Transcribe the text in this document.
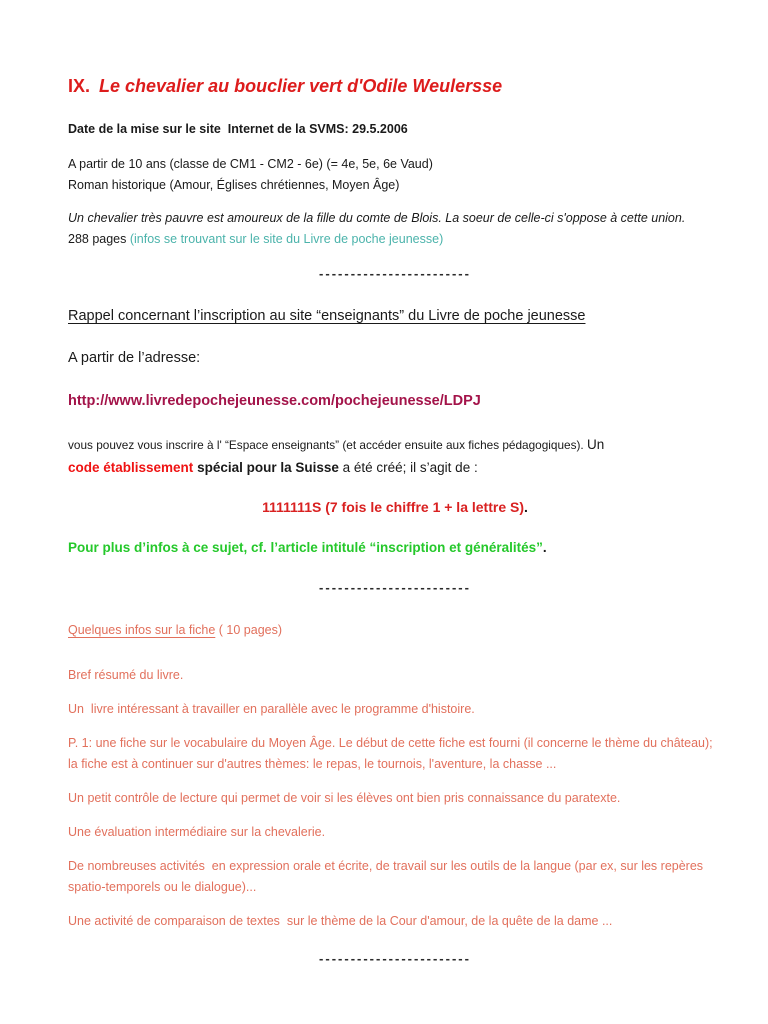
IX. Le chevalier au bouclier vert d'Odile Weulersse

Date de la mise sur le site  Internet de la SVMS: 29.5.2006

A partir de 10 ans (classe de CM1 - CM2 - 6e) (= 4e, 5e, 6e Vaud)

Roman historique (Amour, Églises chrétiennes, Moyen Âge)

Un chevalier très pauvre est amoureux de la fille du comte de Blois. La soeur de celle-ci s'oppose à cette union.
288 pages (infos se trouvant sur le site du Livre de poche jeunesse)

------------------------

Rappel concernant l’inscription au site “enseignants” du Livre de poche jeunesse

A partir de l’adresse:

http://www.livredepochejeunesse.com/pochejeunesse/LDPJ

vous pouvez vous inscrire à l' “Espace enseignants” (et accéder ensuite aux fiches pédagogiques). Un
code établissement spécial pour la Suisse a été créé; il s’agit de :

1111111S (7 fois le chiffre 1 + la lettre S).

Pour plus d’infos à ce sujet, cf. l’article intitulé “inscription et généralités”.

------------------------

Quelques infos sur la fiche ( 10 pages)

Bref résumé du livre.

Un  livre intéressant à travailler en parallèle avec le programme d'histoire.

P. 1: une fiche sur le vocabulaire du Moyen Âge. Le début de cette fiche est fourni (il concerne le thème du château); la fiche est à continuer sur d'autres thèmes: le repas, le tournois, l'aventure, la chasse ...

Un petit contrôle de lecture qui permet de voir si les élèves ont bien pris connaissance du paratexte.

Une évaluation intermédiaire sur la chevalerie.

De nombreuses activités  en expression orale et écrite, de travail sur les outils de la langue (par ex, sur les repères spatio-temporels ou le dialogue)...

Une activité de comparaison de textes  sur le thème de la Cour d'amour, de la quête de la dame ...

------------------------
